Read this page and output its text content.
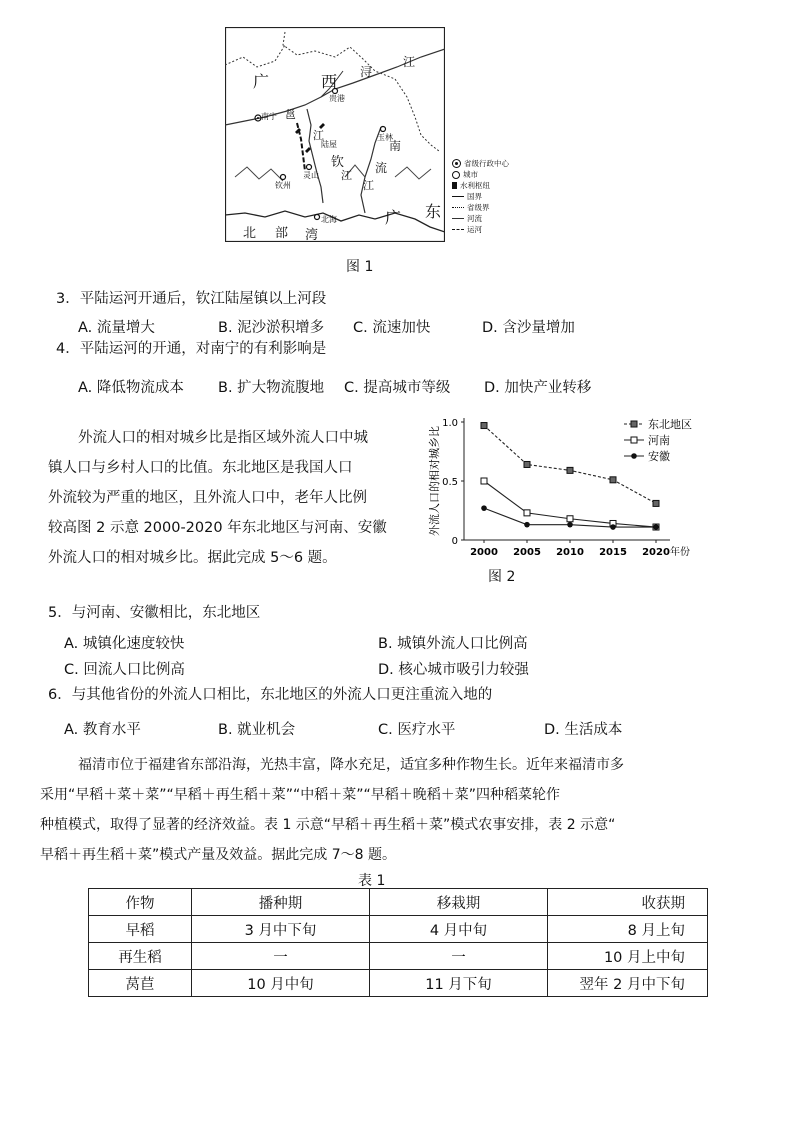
广	西
广 东
浔
江
邕
江
钦
江
南
流
江
北 部 湾
南宁
贵港
玉林
钦州
灵山
北海
陆屋
省级行政中心
城市
水利枢纽
国界
省级界
河流
运河
图 1
3．平陆运河开通后，钦江陆屋镇以上河段
A. 流量增大	B. 泥沙淤积增多 C. 流速加快	D. 含沙量增加
4．平陆运河的开通，对南宁的有利影响是
A. 降低物流成本 B. 扩大物流腹地 C. 提高城市等级 D. 加快产业转移
外流人口的相对城乡比是指区域外流人口中城
镇人口与乡村人口的比值。东北地区是我国人口
外流较为严重的地区，且外流人口中，老年人比例
较高图 2 示意 2000-2020 年东北地区与河南、安徽
外流人口的相对城乡比。据此完成 5～6 题。
0
0.5
1.0
外流人口的相对城乡比
2000 2005 2010 2015 2020 年份
东北地区
河南
安徽
图 2
5．与河南、安徽相比，东北地区
A. 城镇化速度较快	B. 城镇外流人口比例高
C. 回流人口比例高	D. 核心城市吸引力较强
6．与其他省份的外流人口相比，东北地区的外流人口更注重流入地的
A. 教育水平	B. 就业机会	C. 医疗水平	D. 生活成本
福清市位于福建省东部沿海，光热丰富，降水充足，适宜多种作物生长。近年来福清市多
采用“早稻＋菜＋菜”“早稻＋再生稻＋菜”“中稻＋菜”“早稻＋晚稻＋菜”四种稻菜轮作
种植模式，取得了显著的经济效益。表 1 示意“早稻＋再生稻＋菜”模式农事安排，表 2 示意“
早稻＋再生稻＋菜”模式产量及效益。据此完成 7～8 题。
表 1
作物	播种期	移栽期	收获期
早稻	3 月中下旬	4 月中旬	8 月上旬
再生稻	一	一	10 月上中旬
莴苣	10 月中旬	11 月下旬	翌年 2 月中下旬
